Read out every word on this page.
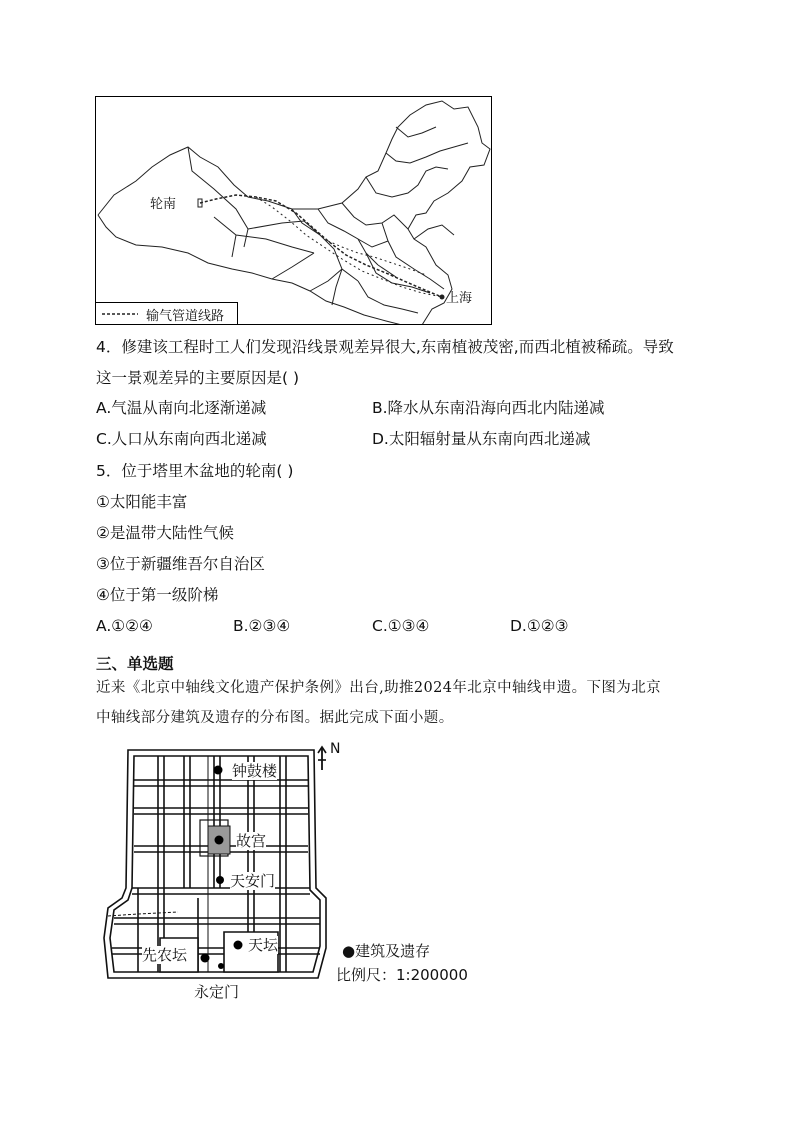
轮南
上海
输气管道线路
4．修建该工程时工人们发现沿线景观差异很大,东南植被茂密,而西北植被稀疏。导致
这一景观差异的主要原因是( )
A.气温从南向北逐渐递减	B.降水从东南沿海向西北内陆递减
C.人口从东南向西北递减	D.太阳辐射量从东南向西北递减
5．位于塔里木盆地的轮南( )
①太阳能丰富
②是温带大陆性气候
③位于新疆维吾尔自治区
④位于第一级阶梯
A.①②④	B.②③④	C.①③④	D.①②③
三、单选题
近来《北京中轴线文化遗产保护条例》出台,助推2024年北京中轴线申遗。下图为北京
中轴线部分建筑及遗存的分布图。据此完成下面小题。
N
钟鼓楼
故宫
天安门
天坛
先农坛
永定门
●建筑及遗存
比例尺：1:200000
